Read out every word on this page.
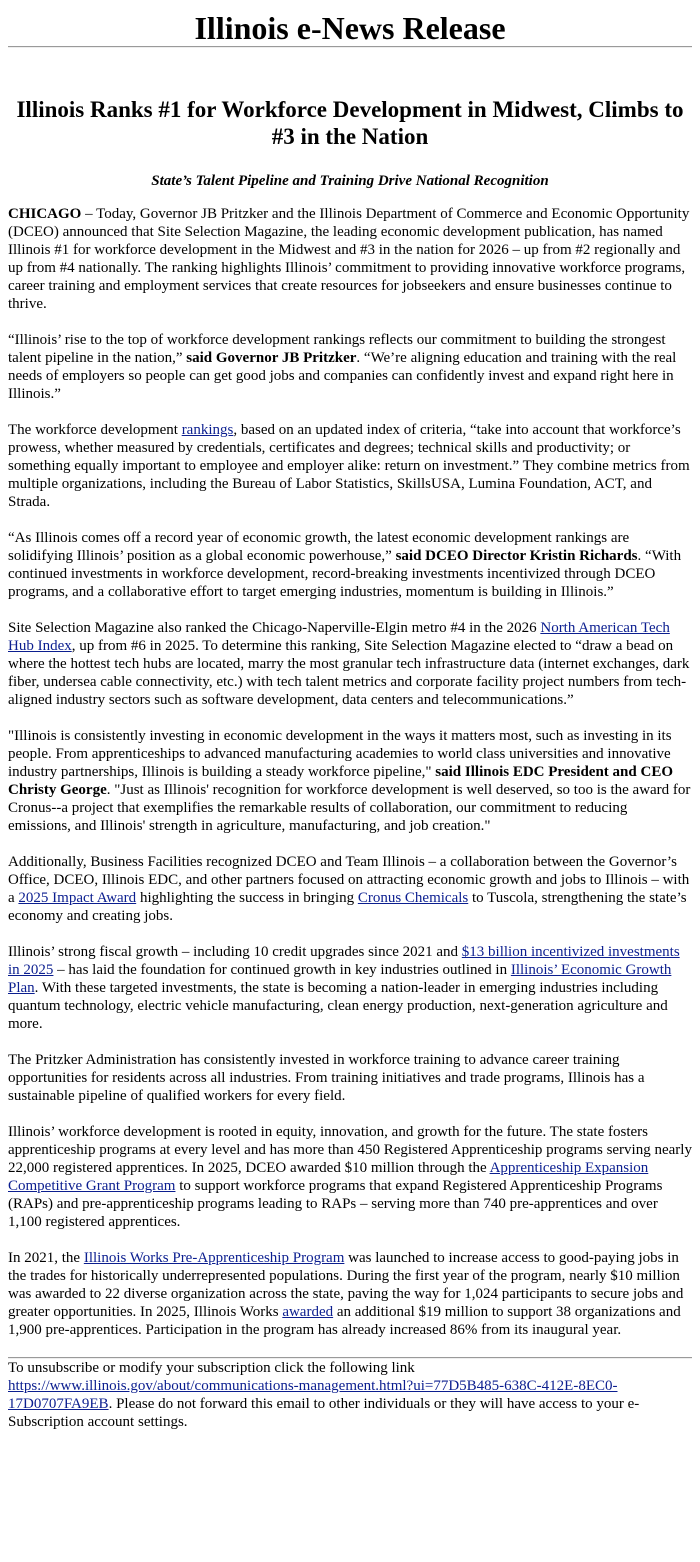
Illinois e-News Release
Illinois Ranks #1 for Workforce Development in Midwest, Climbs to #3 in the Nation
State’s Talent Pipeline and Training Drive National Recognition

CHICAGO – Today, Governor JB Pritzker and the Illinois Department of Commerce and Economic Opportunity (DCEO) announced that Site Selection Magazine, the leading economic development publication, has named Illinois #1 for workforce development in the Midwest and #3 in the nation for 2026 – up from #2 regionally and up from #4 nationally. The ranking highlights Illinois’ commitment to providing innovative workforce programs, career training and employment services that create resources for jobseekers and ensure businesses continue to thrive.

“Illinois’ rise to the top of workforce development rankings reflects our commitment to building the strongest talent pipeline in the nation,” said Governor JB Pritzker. “We’re aligning education and training with the real needs of employers so people can get good jobs and companies can confidently invest and expand right here in Illinois.”

The workforce development rankings, based on an updated index of criteria, “take into account that workforce’s prowess, whether measured by credentials, certificates and degrees; technical skills and productivity; or something equally important to employee and employer alike: return on investment.” They combine metrics from multiple organizations, including the Bureau of Labor Statistics, SkillsUSA, Lumina Foundation, ACT, and Strada.

“As Illinois comes off a record year of economic growth, the latest economic development rankings are solidifying Illinois’ position as a global economic powerhouse,” said DCEO Director Kristin Richards. “With continued investments in workforce development, record-breaking investments incentivized through DCEO programs, and a collaborative effort to target emerging industries, momentum is building in Illinois.”

Site Selection Magazine also ranked the Chicago-Naperville-Elgin metro #4 in the 2026 North American Tech Hub Index, up from #6 in 2025. To determine this ranking, Site Selection Magazine elected to “draw a bead on where the hottest tech hubs are located, marry the most granular tech infrastructure data (internet exchanges, dark fiber, undersea cable connectivity, etc.) with tech talent metrics and corporate facility project numbers from tech-aligned industry sectors such as software development, data centers and telecommunications.”

"Illinois is consistently investing in economic development in the ways it matters most, such as investing in its people. From apprenticeships to advanced manufacturing academies to world class universities and innovative industry partnerships, Illinois is building a steady workforce pipeline," said Illinois EDC President and CEO Christy George. "Just as Illinois' recognition for workforce development is well deserved, so too is the award for Cronus--a project that exemplifies the remarkable results of collaboration, our commitment to reducing emissions, and Illinois' strength in agriculture, manufacturing, and job creation."

Additionally, Business Facilities recognized DCEO and Team Illinois – a collaboration between the Governor’s Office, DCEO, Illinois EDC, and other partners focused on attracting economic growth and jobs to Illinois – with a 2025 Impact Award highlighting the success in bringing Cronus Chemicals to Tuscola, strengthening the state’s economy and creating jobs.

Illinois’ strong fiscal growth – including 10 credit upgrades since 2021 and $13 billion incentivized investments in 2025 – has laid the foundation for continued growth in key industries outlined in Illinois’ Economic Growth Plan. With these targeted investments, the state is becoming a nation-leader in emerging industries including quantum technology, electric vehicle manufacturing, clean energy production, next-generation agriculture and more.

The Pritzker Administration has consistently invested in workforce training to advance career training opportunities for residents across all industries. From training initiatives and trade programs, Illinois has a sustainable pipeline of qualified workers for every field.

Illinois’ workforce development is rooted in equity, innovation, and growth for the future. The state fosters apprenticeship programs at every level and has more than 450 Registered Apprenticeship programs serving nearly 22,000 registered apprentices. In 2025, DCEO awarded $10 million through the Apprenticeship Expansion Competitive Grant Program to support workforce programs that expand Registered Apprenticeship Programs (RAPs) and pre-apprenticeship programs leading to RAPs – serving more than 740 pre-apprentices and over 1,100 registered apprentices.

In 2021, the Illinois Works Pre-Apprenticeship Program was launched to increase access to good-paying jobs in the trades for historically underrepresented populations. During the first year of the program, nearly $10 million was awarded to 22 diverse organization across the state, paving the way for 1,024 participants to secure jobs and greater opportunities. In 2025, Illinois Works awarded an additional $19 million to support 38 organizations and 1,900 pre-apprentices. Participation in the program has already increased 86% from its inaugural year.

To unsubscribe or modify your subscription click the following link https://www.illinois.gov/about/communications-management.html?ui=77D5B485-638C-412E-8EC0-17D0707FA9EB. Please do not forward this email to other individuals or they will have access to your e-Subscription account settings.
